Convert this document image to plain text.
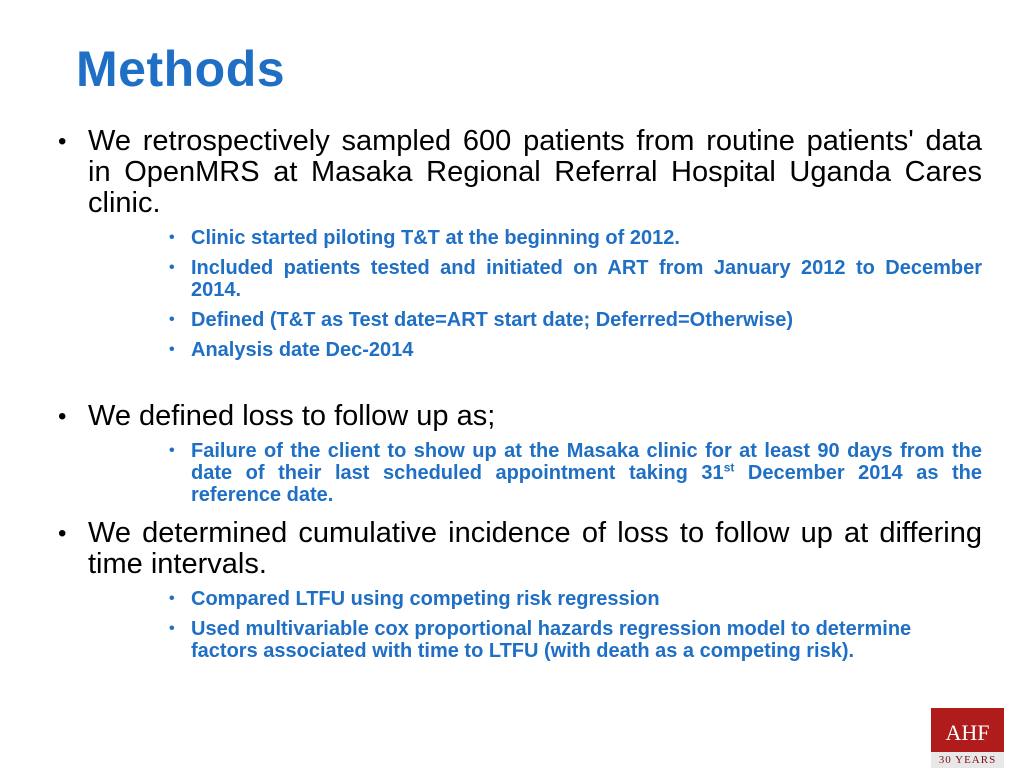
Methods
• We retrospectively sampled 600 patients from routine patients' data in OpenMRS at Masaka Regional Referral Hospital Uganda Cares clinic.
• Clinic started piloting T&T at the beginning of 2012.
• Included patients tested and initiated on ART from January 2012 to December 2014.
• Defined (T&T as Test date=ART start date; Deferred=Otherwise)
• Analysis date Dec-2014
• We defined loss to follow up as;
• Failure of the client to show up at the Masaka clinic for at least 90 days from the date of their last scheduled appointment taking 31st December 2014 as the reference date.
• We determined cumulative incidence of loss to follow up at differing time intervals.
• Compared LTFU using competing risk regression
• Used multivariable cox proportional hazards regression model to determine factors associated with time to LTFU (with death as a competing risk).
AHF
30 YEARS
